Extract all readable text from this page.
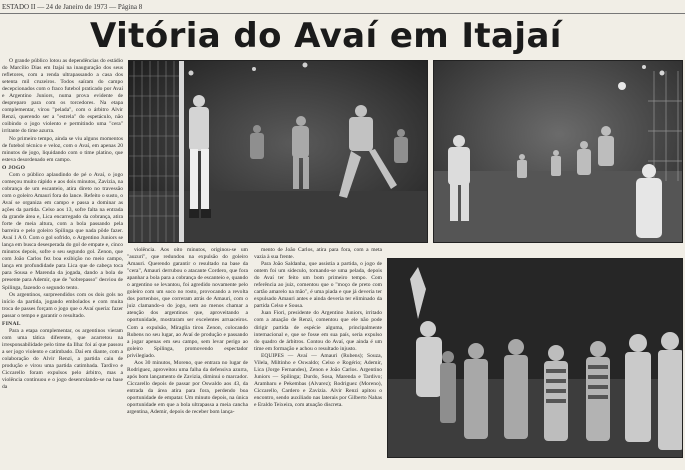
ESTADO II — 24 de Janeiro de 1973 — Página 8
Vitória do Avaí em Itajaí

O grande público lotou as dependências do estádio do Marcílio Dias em Itajaí na inauguração dos seus refletores, com a renda ultrapassando a casa dos setenta mil cruzeiros. Todos saíram do campo decepcionados com o fraco futebol praticado por Avaí e Argentino Juniors, numa prova evidente de despreparo para com os torcedores. Na etapa complementar, virou "pelada", com o árbitro Alvir Renzi, querendo ser a "estrela" do espetáculo, não coibindo o jogo violento e permitindo uma "cera" irritante do time azurra.

No primeiro tempo, ainda se viu alguns momentos de futebol técnico e veloz, com o Avaí, em apenas 20 minutos de jogo, liquidando com o time platino, que esteva desordenado em campo.

O JOGO

Com o público aplaudindo de pé o Avaí, o jogo começou muito rápido e aos dois minutos, Zavizia, na cobrança de um escanteio, atira direto no travessão com o goleiro Amauri fora do lance. Refeito o susto, o Avaí se organiza em campo e passa a dominar as ações da partida. Celso aos 13, sofre falta na entrada da grande área e, Lica encarregado da cobrança, atira forte de meia altura, com a bola passando pela barreira e pelo goleiro Spilinga que nada pôde fazer. Avaí 1 A 0. Com o gol sofrido, o Argentino Juniors se lança em busca desesperada do gol de empate e, cinco minutos depois, sofre o seu segundo gol. Zenon, que com João Carlos fez boa exibição no meio campo, lança em profundidade para Lica que de cabeça toca para Sousa e Marenda da jogada, dando a bola de presente para Ademir, que de "sobrepasso" desviou de Spilinga, fazendo o segundo tento.

Os argentinos, surpreendidos com os dois gols no início da partida, jogando embolados e com muita troca de passes forçam o jogo que o Avaí queria: fazer passar o tempo e garantir o resultado.

FINAL

Para a etapa complementar, os argentinos vieram com uma tática diferente, que acarretou na irresponsabilidade pelo time da Ilha: foi aí que passou a ser jogo violento e catimbado. Daí em diante, com a colaboração do Alvir Renzi, a partida caiu de produção e virou uma partida catimbada. Tardivo e Ciccarello foram expulsos pelo árbitro, mas a violência continuou e o jogo desenrolando-se na base da

violência. Aos oito minutos, originou-se um "auzuri", que redundou na expulsão do goleiro Amauri. Querendo garantir o resultado na base da "cera", Amauri derrubou o atacante Cordero, que fora apanhar a bola para a cobrança de escanteio e, quando o argentino se levantou, foi agredido novamente pelo goleiro com um soco no rosto, provocando a revolta dos portenhos, que correram atrás de Amauri, com o juiz clamando-o do jogo, sem ao menos chamar a atenção dos argentinos que, aproveitando a oportunidade, mostraram ser excelentes arruaceiros. Com a expulsão, Miraglia tirou Zenon, colocando Rubens no seu lugar, ao Avaí de produção e passando a jogar apenas em seu campo, sem levar perigo ao goleiro Spilinga, promovendo espectador privilegiado.

Aos 30 minutos, Moreno, que entrara no lugar de Rodriguez, aproveitou uma falha da defensiva azurra, após bom lançamento de Zavizia, diminui o marcador. Ciccarello depois de passar por Oswaldo aos 43, da entrada da área atira para fora, perdendo boa oportunidade de empatar. Um minuto depois, na única oportunidade em que a bola ultrapassa a meia cancha argentina, Ademir, depois de receber bom lança-

mento de João Carlos, atira para fora, com a meta vazia à sua frente.

Para João Saldanha, que assistia a partida, o jogo de ontem foi um sideculo, tornando-se uma pelada, depois do Avaí ter feito um bom primeiro tempo. Com referência ao juiz, comentou que o "moço de preto com cartão amarelo na mão", é uma piada e que já deveria ter expulsado Amauri antes e ainda deveria ter eliminado da partida Celso e Sousa.

Juan Fiori, presidente do Argentino Juniors, irritado com a atuação de Renzi, comentou que ele não pode dirigir partida de espécie alguma, principalmente internacional e, que se fosse em sua país, seria expulso do quadro de árbitros. Contou do Avaí, que ainda é um time em formação e achou o resultado injusto.

EQUIPES — Avaí — Amauri (Rubens); Souza, Vilela, Miltinho e Oswaldo; Celso e Rogério; Ademir, Lica (Jorge Fernandes), Zenon e João Carlos. Argentino Juniors — Spilinga; Durdo, Sosa, Marenda e Tardivo; Arambaru e Pekembas (Alvarez); Rodriguez (Moreno), Ciccarello, Cardero e Zavizia. Alvir Renzi apitou o encontro, sendo auxiliado nas laterais por Gilberto Nahas e Eraldo Teixeira, com atuação discreta.
